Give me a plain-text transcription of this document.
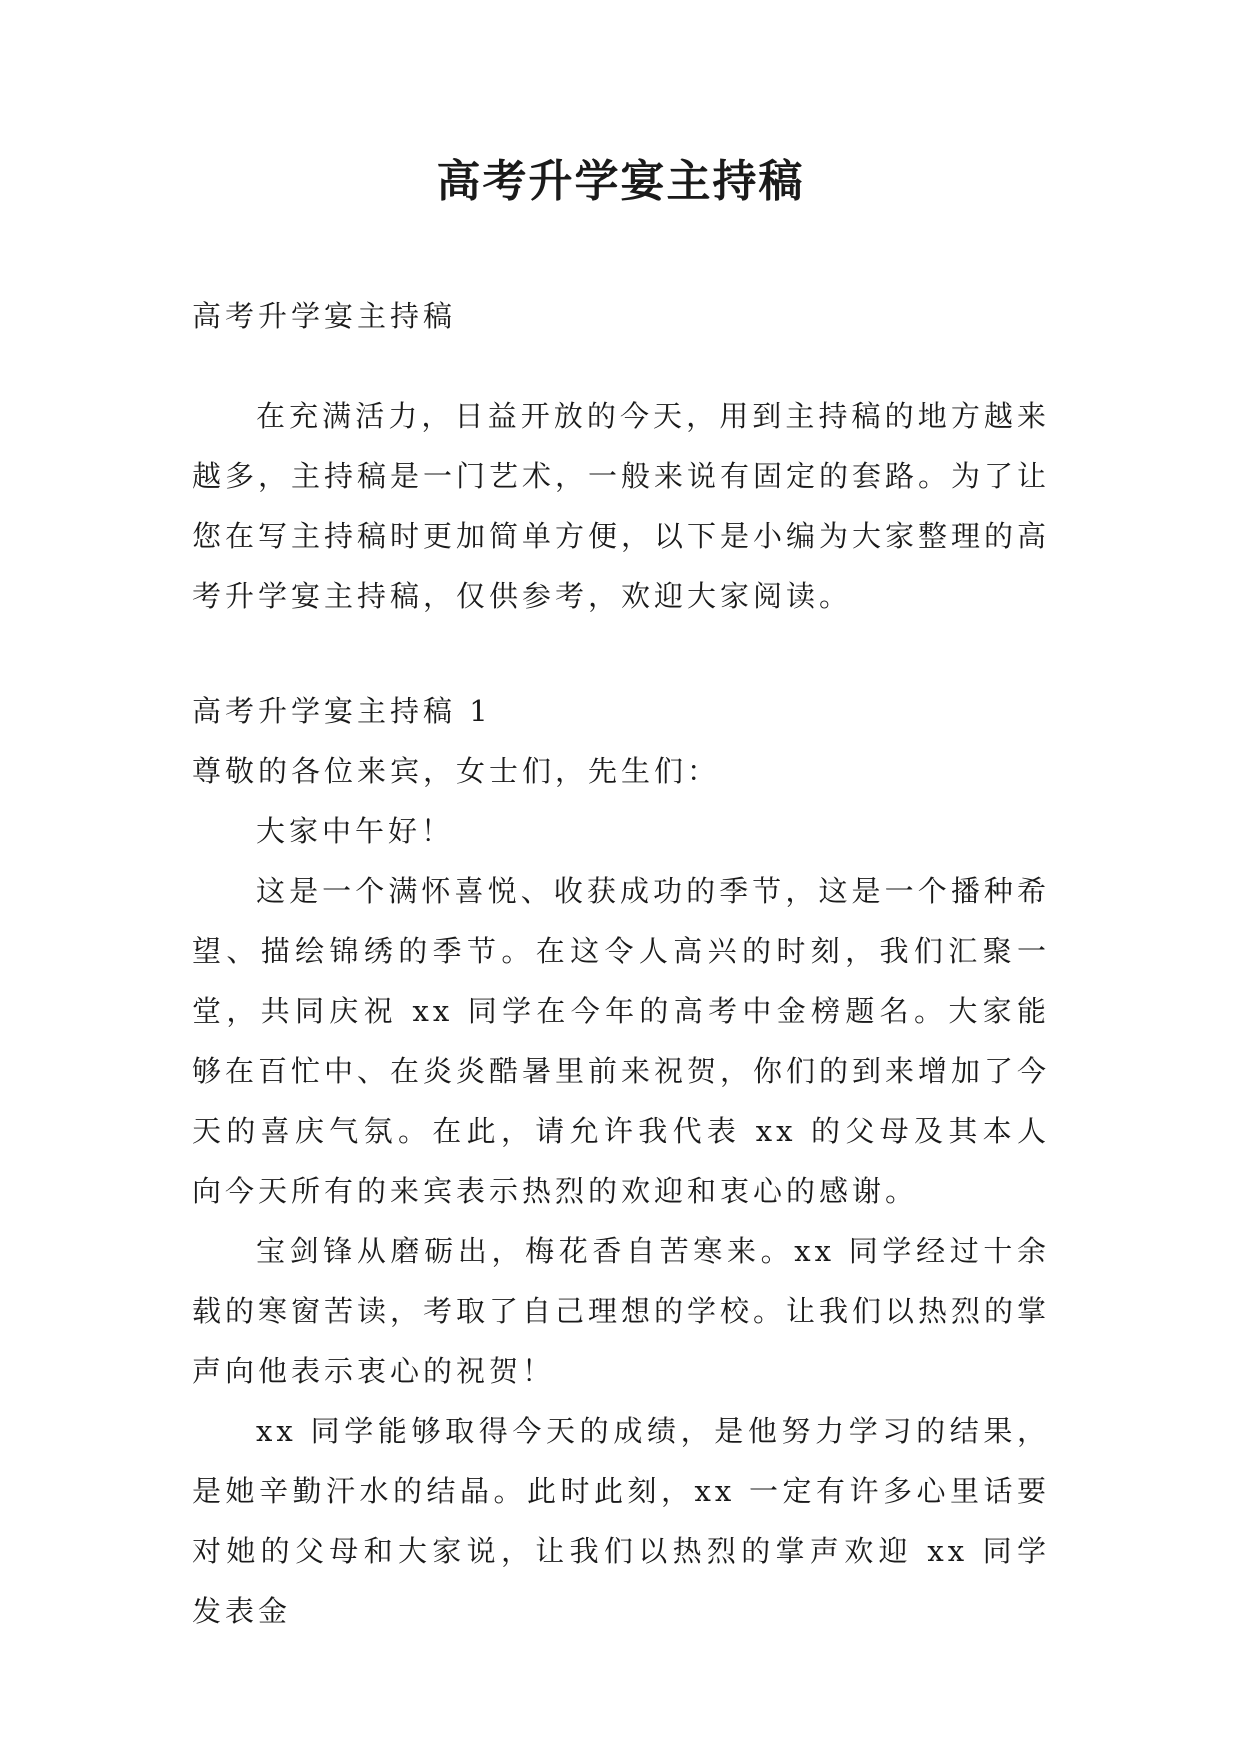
高考升学宴主持稿

高考升学宴主持稿

在充满活力，日益开放的今天，用到主持稿的地方越来越多，主持稿是一门艺术，一般来说有固定的套路。为了让您在写主持稿时更加简单方便，以下是小编为大家整理的高考升学宴主持稿，仅供参考，欢迎大家阅读。

高考升学宴主持稿 1

尊敬的各位来宾，女士们，先生们：

大家中午好！

这是一个满怀喜悦、收获成功的季节，这是一个播种希望、描绘锦绣的季节。在这令人高兴的时刻，我们汇聚一堂，共同庆祝 xx 同学在今年的高考中金榜题名。大家能够在百忙中、在炎炎酷暑里前来祝贺，你们的到来增加了今天的喜庆气氛。在此，请允许我代表 xx 的父母及其本人向今天所有的来宾表示热烈的欢迎和衷心的感谢。

宝剑锋从磨砺出，梅花香自苦寒来。xx 同学经过十余载的寒窗苦读，考取了自己理想的学校。让我们以热烈的掌声向他表示衷心的祝贺！

xx 同学能够取得今天的成绩，是他努力学习的结果，是她辛勤汗水的结晶。此时此刻，xx 一定有许多心里话要对她的父母和大家说，让我们以热烈的掌声欢迎 xx 同学发表金
